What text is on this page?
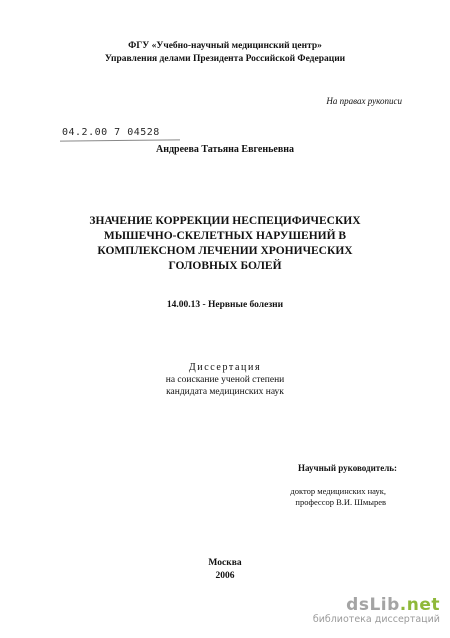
ФГУ «Учебно-научный медицинский центр»
Управления делами Президента Российской Федерации
На правах рукописи
04.2.00 7 04528
Андреева Татьяна Евгеньевна
ЗНАЧЕНИЕ КОРРЕКЦИИ НЕСПЕЦИФИЧЕСКИХ
МЫШЕЧНО-СКЕЛЕТНЫХ НАРУШЕНИЙ В
КОМПЛЕКСНОМ ЛЕЧЕНИИ ХРОНИЧЕСКИХ
ГОЛОВНЫХ БОЛЕЙ
14.00.13 - Нервные болезни
Диссертация
на соискание ученой степени
кандидата медицинских наук
Научный руководитель:
доктор медицинских наук,
профессор В.И. Шмырев
Москва
2006
dsLib.net
библиотека диссертаций
